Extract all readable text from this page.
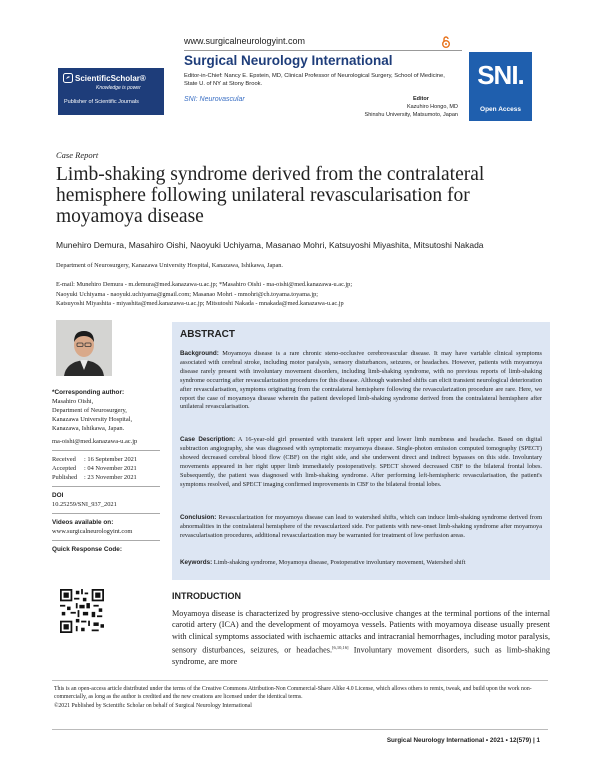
ScientificScholar®
Knowledge is power
Publisher of Scientific Journals
www.surgicalneurologyint.com
Surgical Neurology International
Editor-in-Chief: Nancy E. Epstein, MD, Clinical Professor of Neurological Surgery, School of Medicine, State U. of NY at Stony Brook.
SNI: Neurovascular	Editor
Kazuhiro Hongo, MD
Shinshu University, Matsumoto, Japan
SNI.
Open Access
Case Report
Limb-shaking syndrome derived from the contralateral hemisphere following unilateral revascularisation for moyamoya disease
Munehiro Demura, Masahiro Oishi, Naoyuki Uchiyama, Masanao Mohri, Katsuyoshi Miyashita, Mitsutoshi Nakada
Department of Neurosurgery, Kanazawa University Hospital, Kanazawa, Ishikawa, Japan.
E-mail: Munehiro Demura - m.demura@med.kanazawa-u.ac.jp; *Masahiro Oishi - ma-oishi@med.kanazawa-u.ac.jp;
Naoyuki Uchiyama - naoyuki.uchiyama@gmail.com; Masanao Mohri - mmohri@ch.toyama.toyama.jp;
Katsuyoshi Miyashita - miyashita@med.kanazawa-u.ac.jp; Mitsutoshi Nakada - mnakada@med.kanazawa-u.ac.jp
*Corresponding author:
Masahiro Oishi,
Department of Neurosurgery,
Kanazawa University Hospital,
Kanazawa, Ishikawa, Japan.
ma-oishi@med.kanazawa-u.ac.jp
Received	: 16 September 2021
Accepted	: 04 November 2021
Published	: 23 November 2021
DOI
10.25259/SNI_937_2021
Videos available on:
www.surgicalneurologyint.com
Quick Response Code:
ABSTRACT
Background: Moyamoya disease is a rare chronic steno-occlusive cerebrovascular disease. It may have variable clinical symptoms associated with cerebral stroke, including motor paralysis, sensory disturbances, seizures, or headaches. However, patients with moyamoya disease rarely present with involuntary movement disorders, including limb-shaking syndrome, with no previous reports of limb-shaking syndrome occurring after revascularization procedures for this disease. Although watershed shifts can elicit transient neurological deterioration after revascularisation, symptoms originating from the contralateral hemisphere following the revascularization procedure are rare. Here, we report the case of moyamoya disease wherein the patient developed limb-shaking syndrome derived from the contralateral hemisphere after unilateral revascularisation.
Case Description: A 16-year-old girl presented with transient left upper and lower limb numbness and headache. Based on digital subtraction angiography, she was diagnosed with symptomatic moyamoya disease. Single-photon emission computed tomography (SPECT) showed decreased cerebral blood flow (CBF) on the right side, and she underwent direct and indirect bypasses on this side. Involuntary movements appeared in her right upper limb immediately postoperatively. SPECT showed decreased CBF to the bilateral frontal lobes. Subsequently, the patient was diagnosed with limb-shaking syndrome. After performing left-hemispheric revascularisation, the patient's symptoms resolved, and SPECT imaging confirmed improvements in CBF to the bilateral frontal lobes.
Conclusion: Revascularization for moyamoya disease can lead to watershed shifts, which can induce limb-shaking syndrome derived from abnormalities in the contralateral hemisphere of the revascularized side. For patients with new-onset limb-shaking syndrome after moyamoya revascularisation procedures, additional revascularization may be warranted for treatment of low perfusion areas.
Keywords: Limb-shaking syndrome, Moyamoya disease, Postoperative involuntary movement, Watershed shift
INTRODUCTION
Moyamoya disease is characterized by progressive steno-occlusive changes at the terminal portions of the internal carotid artery (ICA) and the development of moyamoya vessels. Patients with moyamoya disease usually present with clinical symptoms associated with ischaemic attacks and intracranial hemorrhages, including motor paralysis, sensory disturbances, seizures, or headaches.[6,10,16] Involuntary movement disorders, such as limb-shaking syndrome, are more
This is an open-access article distributed under the terms of the Creative Commons Attribution-Non Commercial-Share Alike 4.0 License, which allows others to remix, tweak, and build upon the work non-commercially, as long as the author is credited and the new creations are licensed under the identical terms.
©2021 Published by Scientific Scholar on behalf of Surgical Neurology International
Surgical Neurology International • 2021 • 12(579) | 1
